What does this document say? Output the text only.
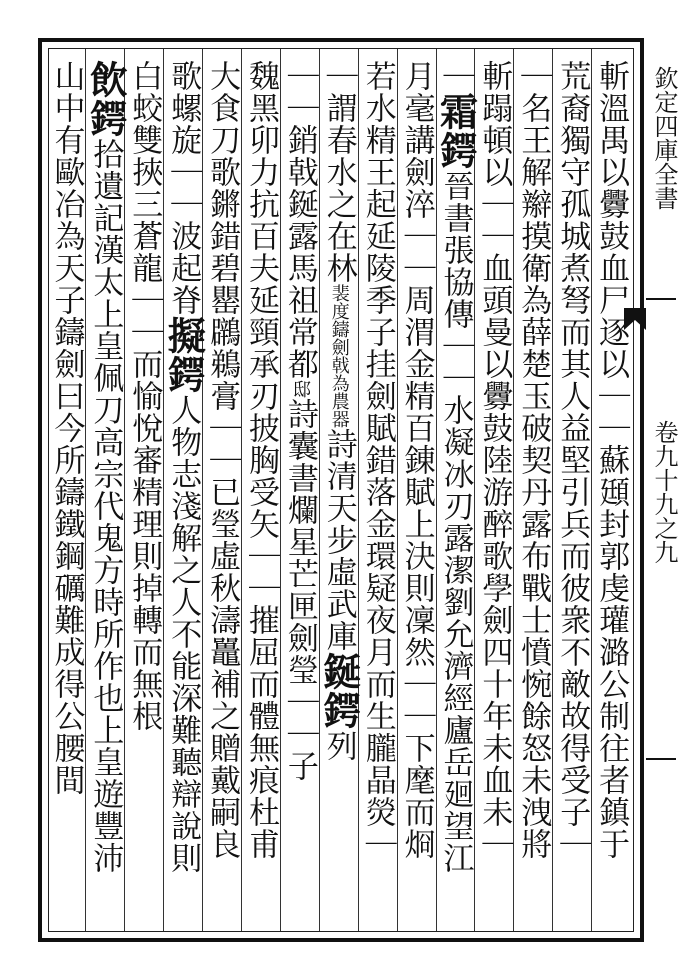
欽定四庫全書
卷九十九之九
斬溫禺以釁鼓血尸逐以｜｜蘇頲封郭虔瓘潞公制往者鎮于
荒裔獨守孤城煮弩而其人益堅引兵而彼衆不敵故得受子｜
｜名王解辮摸衛為薛楚玉破契丹露布戰士憤惋餘怒未洩將
斬蹋頓以｜｜血頭曼以釁鼓陸游醉歌學劍四十年未血未｜
｜霜鍔晉書張協傳｜｜水凝冰刃露潔劉允濟經廬岳廻望江
月毫講劍淬｜｜周渭金精百錬賦上決則凜然｜｜下麾而烱
若水精王起延陵季子挂劍賦錯落金環疑夜月而生朧晶熒｜
｜謂春水之在林裴度鑄劍戟為農器詩清天步虛武庫鋋鍔列
｜｜銷戟鋋露馬祖常都邸詩囊書爛星芒匣劍瑩｜｜子
魏黑卯力抗百夫延頸承刃披胸受矢｜｜摧屈而體無痕杜甫
大食刀歌鏘錯碧罌鸊鵜膏｜｜已瑩虛秋濤鼉補之贈戴嗣良
歌螺旋｜｜波起脊擬鍔人物志淺解之人不能深難聽辯說則
白蛟雙挾三蒼龍｜｜而愉悅審精理則掉轉而無根
飲鍔拾遺記漢太上皇佩刀高宗代鬼方時所作也上皇遊豐沛
山中有歐冶為天子鑄劍曰今所鑄鐵鋼礪難成得公腰間
